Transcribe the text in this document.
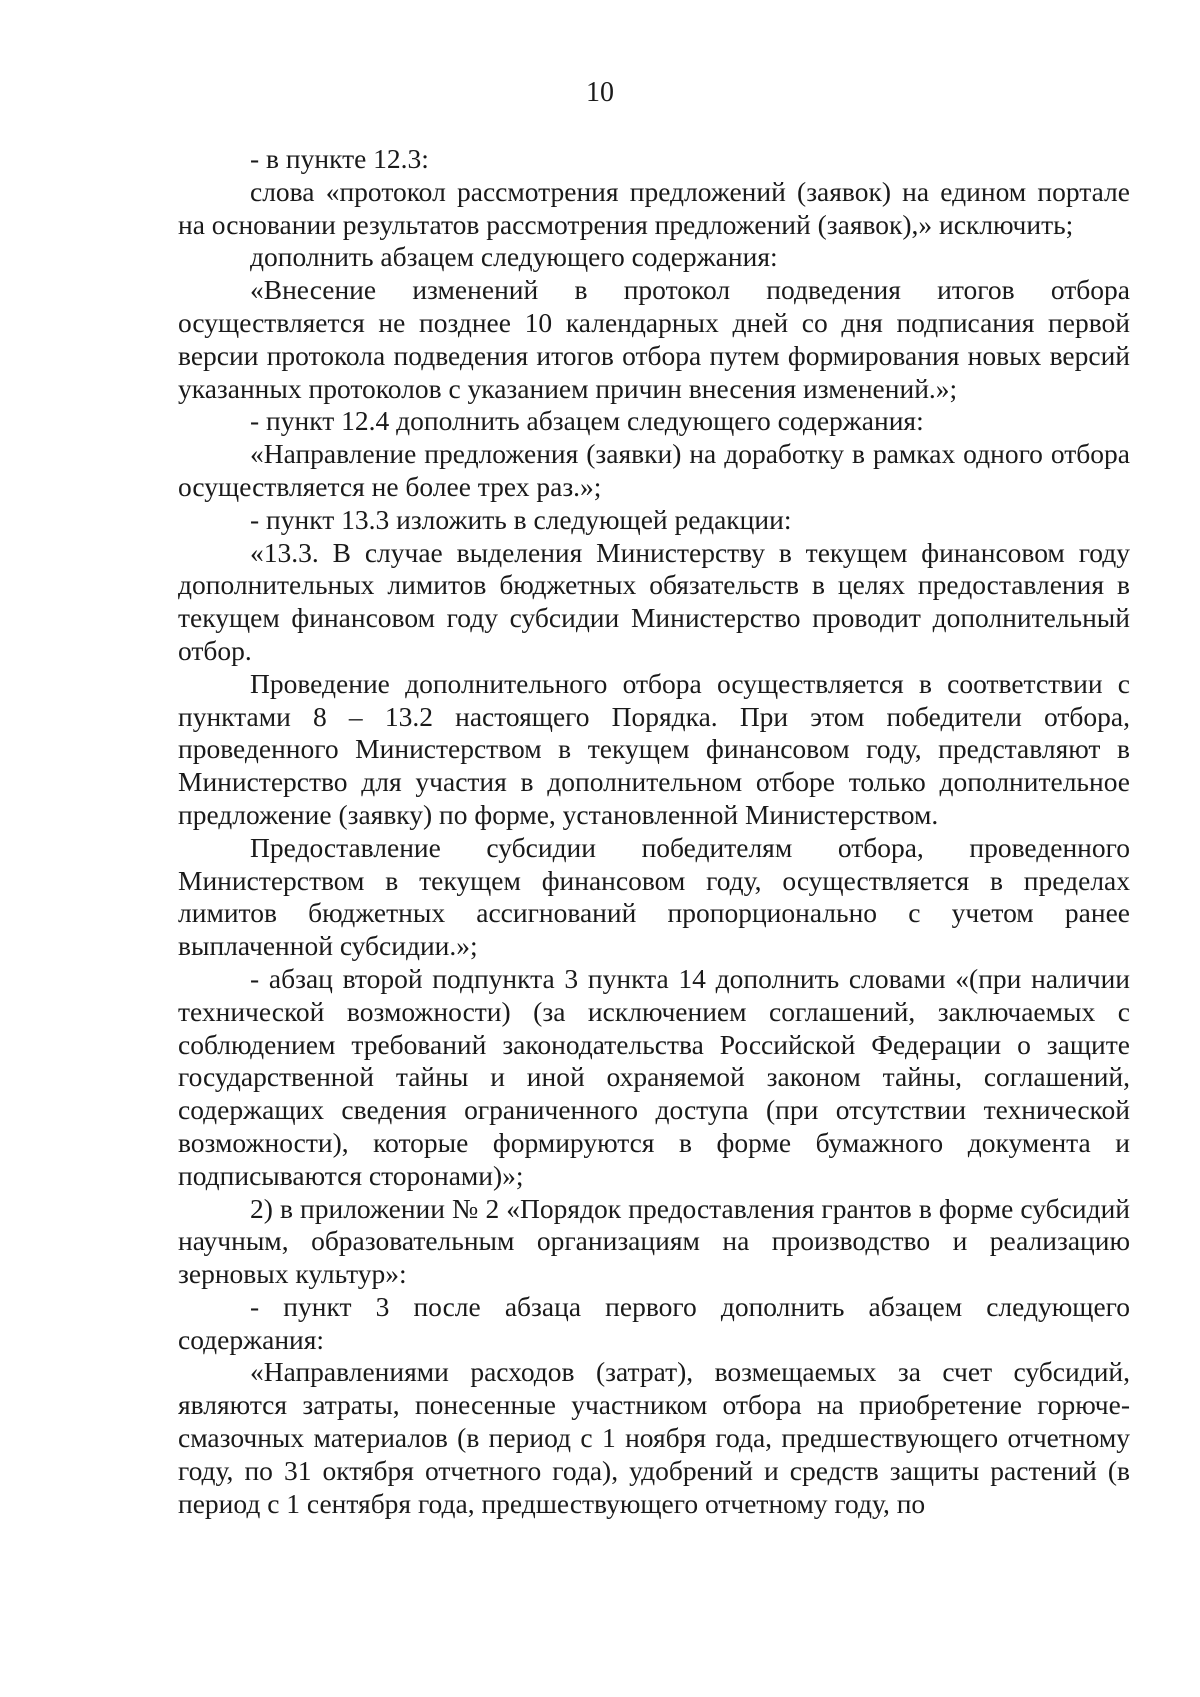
10

- в пункте 12.3:

слова «протокол рассмотрения предложений (заявок) на едином портале на основании результатов рассмотрения предложений (заявок),» исключить;

дополнить абзацем следующего содержания:

«Внесение изменений в протокол подведения итогов отбора осуществляется не позднее 10 календарных дней со дня подписания первой версии протокола подведения итогов отбора путем формирования новых версий указанных протоколов с указанием причин внесения изменений.»;

- пункт 12.4 дополнить абзацем следующего содержания:

«Направление предложения (заявки) на доработку в рамках одного отбора осуществляется не более трех раз.»;

- пункт 13.3 изложить в следующей редакции:

«13.3. В случае выделения Министерству в текущем финансовом году дополнительных лимитов бюджетных обязательств в целях предоставления в текущем финансовом году субсидии Министерство проводит дополнительный отбор.

Проведение дополнительного отбора осуществляется в соответствии с пунктами 8 – 13.2 настоящего Порядка. При этом победители отбора, проведенного Министерством в текущем финансовом году, представляют в Министерство для участия в дополнительном отборе только дополнительное предложение (заявку) по форме, установленной Министерством.

Предоставление субсидии победителям отбора, проведенного Министерством в текущем финансовом году, осуществляется в пределах лимитов бюджетных ассигнований пропорционально с учетом ранее выплаченной субсидии.»;

- абзац второй подпункта 3 пункта 14 дополнить словами «(при наличии технической возможности) (за исключением соглашений, заключаемых с соблюдением требований законодательства Российской Федерации о защите государственной тайны и иной охраняемой законом тайны, соглашений, содержащих сведения ограниченного доступа (при отсутствии технической возможности), которые формируются в форме бумажного документа и подписываются сторонами)»;

2) в приложении № 2 «Порядок предоставления грантов в форме субсидий научным, образовательным организациям на производство и реализацию зерновых культур»:

- пункт 3 после абзаца первого дополнить абзацем следующего содержания:

«Направлениями расходов (затрат), возмещаемых за счет субсидий, являются затраты, понесенные участником отбора на приобретение горюче-смазочных материалов (в период с 1 ноября года, предшествующего отчетному году, по 31 октября отчетного года), удобрений и средств защиты растений (в период с 1 сентября года, предшествующего отчетному году, по
